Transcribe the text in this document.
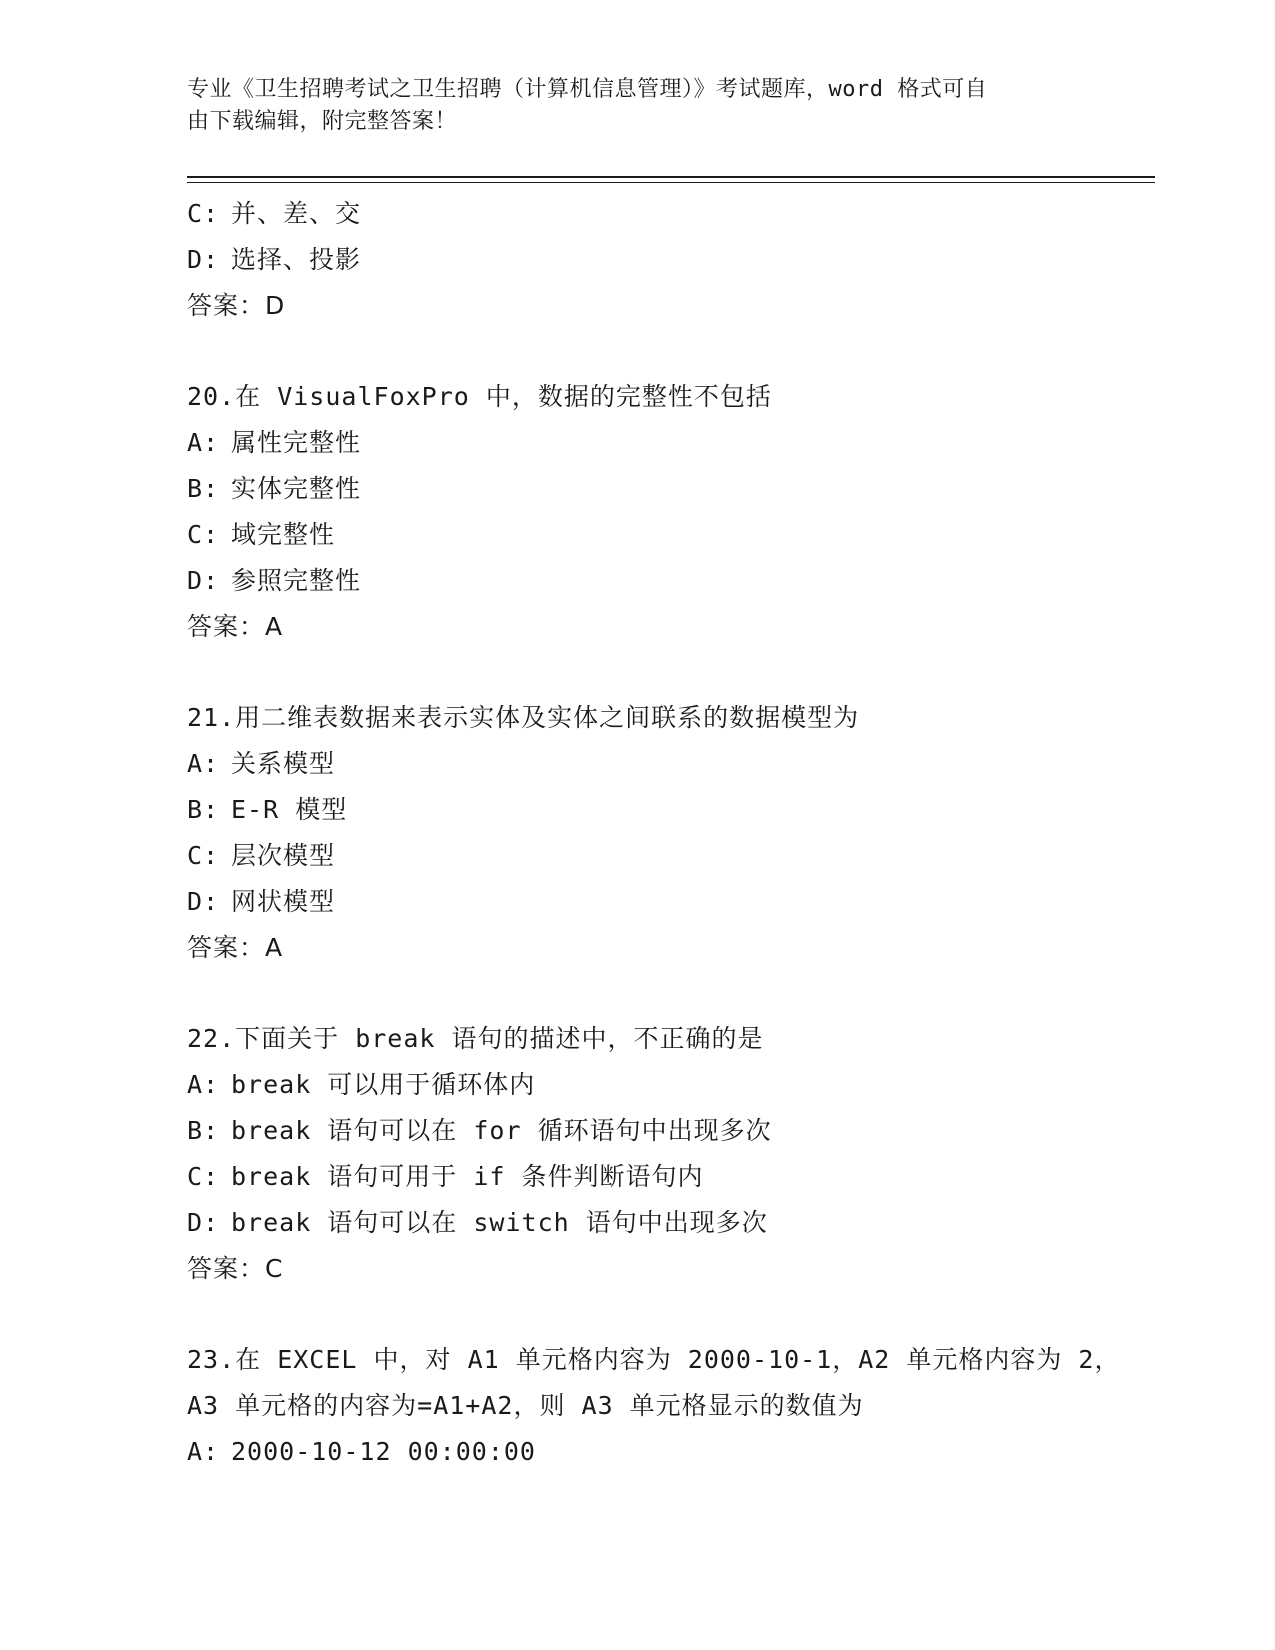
专业《卫生招聘考试之卫生招聘（计算机信息管理）》考试题库，word 格式可自
由下载编辑，附完整答案！
C: 并、差、交
D: 选择、投影
答案：D
20.在 VisualFoxPro 中，数据的完整性不包括
A: 属性完整性
B: 实体完整性
C: 域完整性
D: 参照完整性
答案：A
21.用二维表数据来表示实体及实体之间联系的数据模型为
A: 关系模型
B: E-R 模型
C: 层次模型
D: 网状模型
答案：A
22.下面关于 break 语句的描述中，不正确的是
A: break 可以用于循环体内
B: break 语句可以在 for 循环语句中出现多次
C: break 语句可用于 if 条件判断语句内
D: break 语句可以在 switch 语句中出现多次
答案：C
23.在 EXCEL 中，对 A1 单元格内容为 2000-10-1，A2 单元格内容为 2，
A3 单元格的内容为=A1+A2，则 A3 单元格显示的数值为
A: 2000-10-12 00:00:00
